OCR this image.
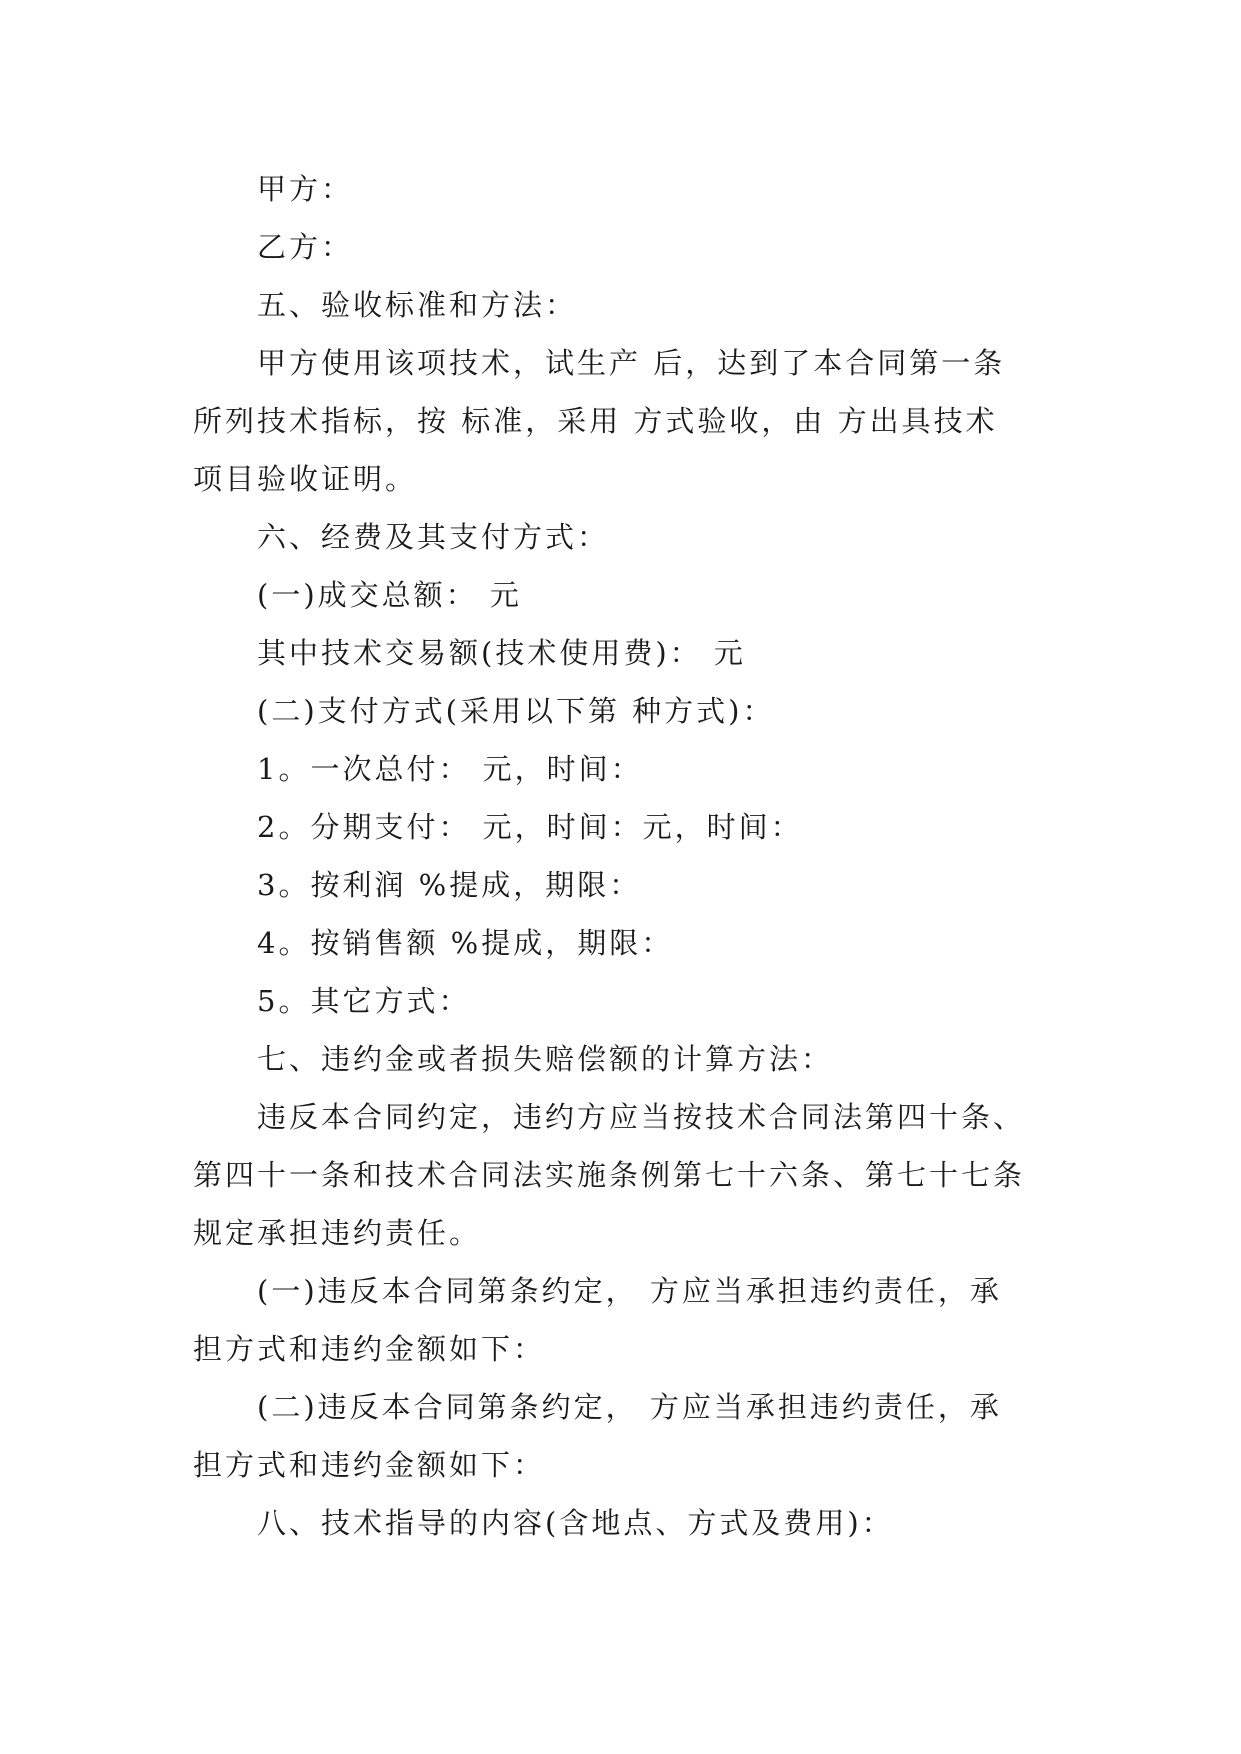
甲方：
乙方：
五、验收标准和方法：
甲方使用该项技术，试生产 后，达到了本合同第一条
所列技术指标，按 标准，采用 方式验收，由 方出具技术
项目验收证明。
六、经费及其支付方式：
(一)成交总额： 元
其中技术交易额(技术使用费)： 元
(二)支付方式(采用以下第 种方式)：
1。一次总付： 元，时间：
2。分期支付： 元，时间：元，时间：
3。按利润 %提成，期限：
4。按销售额 %提成，期限：
5。其它方式：
七、违约金或者损失赔偿额的计算方法：
违反本合同约定，违约方应当按技术合同法第四十条、
第四十一条和技术合同法实施条例第七十六条、第七十七条
规定承担违约责任。
(一)违反本合同第条约定， 方应当承担违约责任，承
担方式和违约金额如下：
(二)违反本合同第条约定， 方应当承担违约责任，承
担方式和违约金额如下：
八、技术指导的内容(含地点、方式及费用)：
